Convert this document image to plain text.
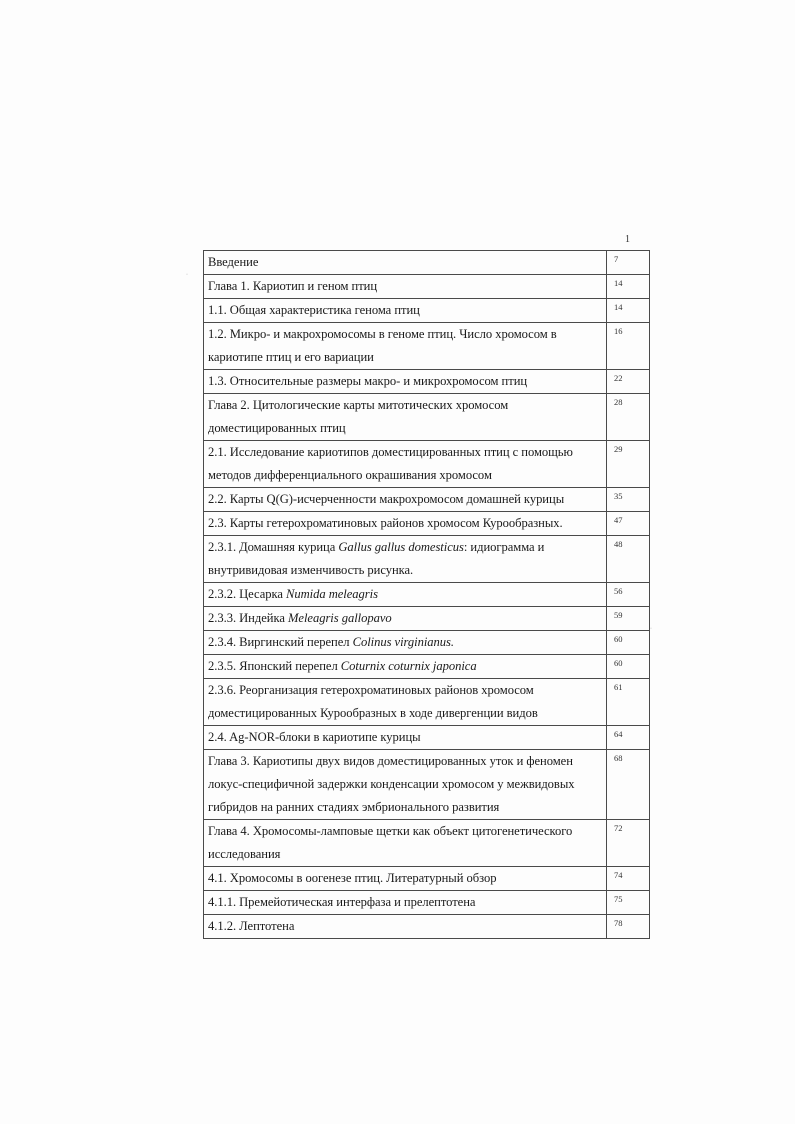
1
Введение	7
Глава 1. Кариотип и геном птиц	14
1.1. Общая характеристика генома птиц	14
1.2. Микро- и макрохромосомы в геноме птиц. Число хромосом в кариотипе птиц и его вариации	16
1.3. Относительные размеры макро- и микрохромосом птиц	22
Глава 2. Цитологические карты митотических хромосом доместицированных птиц	28
2.1. Исследование кариотипов доместицированных птиц с помощью методов дифференциального окрашивания хромосом	29
2.2. Карты Q(G)-исчерченности макрохромосом домашней курицы	35
2.3. Карты гетерохроматиновых районов хромосом Курообразных.	47
2.3.1. Домашняя курица Gallus gallus domesticus: идиограмма и внутривидовая изменчивость рисунка.	48
2.3.2. Цесарка Numida meleagris	56
2.3.3. Индейка Meleagris gallopavo	59
2.3.4. Виргинский перепел Colinus virginianus.	60
2.3.5. Японский перепел Coturnix coturnix japonica	60
2.3.6. Реорганизация гетерохроматиновых районов хромосом доместицированных Курообразных в ходе дивергенции видов	61
2.4. Ag-NOR-блоки в кариотипе курицы	64
Глава 3. Кариотипы двух видов доместицированных уток и феномен локус-специфичной задержки конденсации хромосом у межвидовых гибридов на ранних стадиях эмбрионального развития	68
Глава 4. Хромосомы-ламповые щетки как объект цитогенетического исследования	72
4.1. Хромосомы в оогенезе птиц. Литературный обзор	74
4.1.1. Премейотическая интерфаза и прелептотена	75
4.1.2. Лептотена	78
·
·
